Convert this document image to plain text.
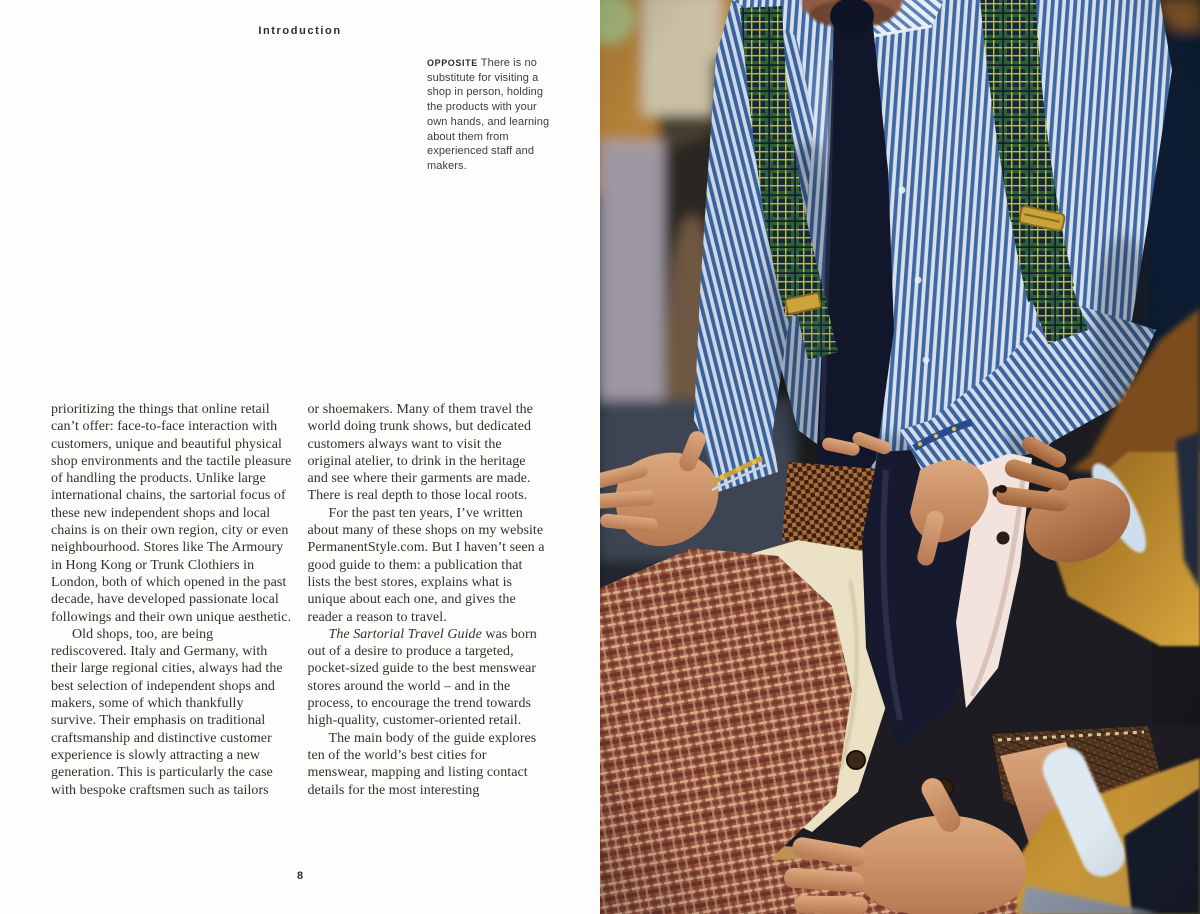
Introduction
OPPOSITE There is no substitute for visiting a shop in person, holding the products with your own hands, and learning about them from experienced staff and makers.

prioritizing the things that online retail can’t offer: face-to-face interaction with customers, unique and beautiful physical shop environments and the tactile pleasure of handling the products. Unlike large international chains, the sartorial focus of these new independent shops and local chains is on their own region, city or even neighbourhood. Stores like The Armoury in Hong Kong or Trunk Clothiers in London, both of which opened in the past decade, have developed passionate local followings and their own unique aesthetic.

Old shops, too, are being rediscovered. Italy and Germany, with their large regional cities, always had the best selection of independent shops and makers, some of which thankfully survive. Their emphasis on traditional craftsmanship and distinctive customer experience is slowly attracting a new generation. This is particularly the case with bespoke craftsmen such as tailors

or shoemakers. Many of them travel the world doing trunk shows, but dedicated customers always want to visit the original atelier, to drink in the heritage and see where their garments are made. There is real depth to those local roots.

For the past ten years, I’ve written about many of these shops on my website PermanentStyle.com. But I haven’t seen a good guide to them: a publication that lists the best stores, explains what is unique about each one, and gives the reader a reason to travel.

The Sartorial Travel Guide was born out of a desire to produce a targeted, pocket-sized guide to the best menswear stores around the world – and in the process, to encourage the trend towards high-quality, customer-oriented retail.

The main body of the guide explores ten of the world’s best cities for menswear, mapping and listing contact details for the most interesting

8
